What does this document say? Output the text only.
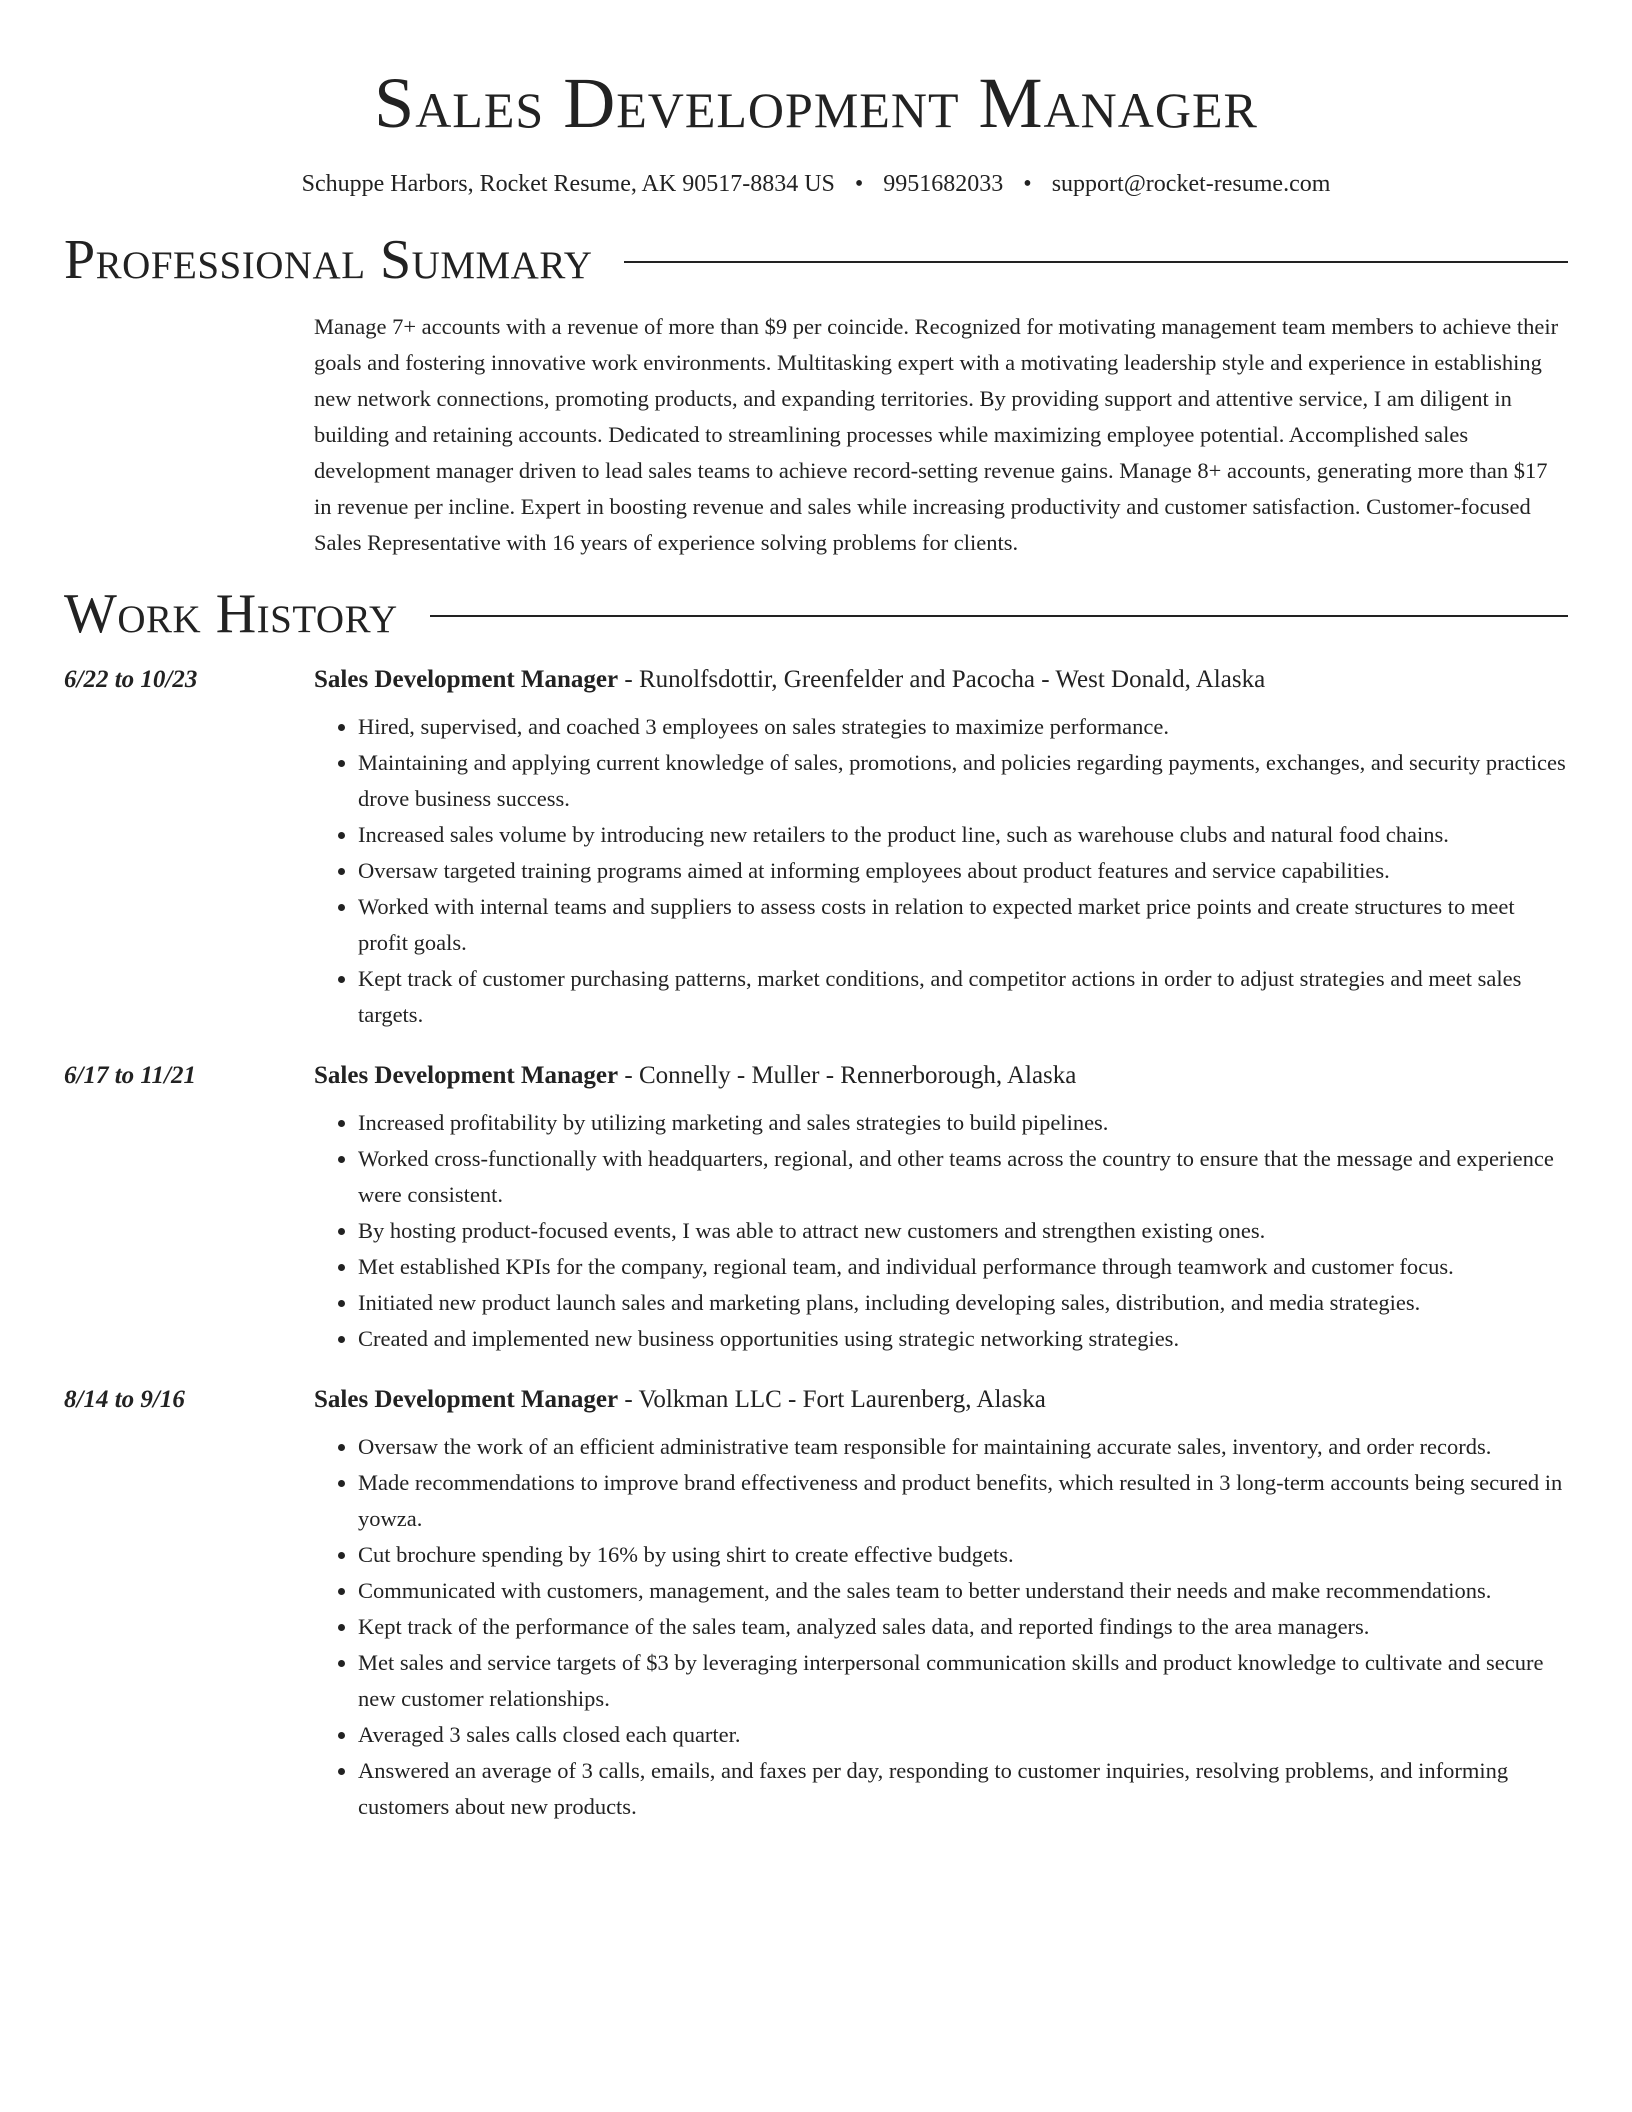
Sales Development Manager
Schuppe Harbors, Rocket Resume, AK 90517-8834 US • 9951682033 • support@rocket-resume.com
Professional Summary
Manage 7+ accounts with a revenue of more than $9 per coincide. Recognized for motivating management team members to achieve their goals and fostering innovative work environments. Multitasking expert with a motivating leadership style and experience in establishing new network connections, promoting products, and expanding territories. By providing support and attentive service, I am diligent in building and retaining accounts. Dedicated to streamlining processes while maximizing employee potential. Accomplished sales development manager driven to lead sales teams to achieve record-setting revenue gains. Manage 8+ accounts, generating more than $17 in revenue per incline. Expert in boosting revenue and sales while increasing productivity and customer satisfaction. Customer-focused Sales Representative with 16 years of experience solving problems for clients.
Work History
6/22 to 10/23	Sales Development Manager - Runolfsdottir, Greenfelder and Pacocha - West Donald, Alaska
• Hired, supervised, and coached 3 employees on sales strategies to maximize performance.
• Maintaining and applying current knowledge of sales, promotions, and policies regarding payments, exchanges, and security practices drove business success.
• Increased sales volume by introducing new retailers to the product line, such as warehouse clubs and natural food chains.
• Oversaw targeted training programs aimed at informing employees about product features and service capabilities.
• Worked with internal teams and suppliers to assess costs in relation to expected market price points and create structures to meet profit goals.
• Kept track of customer purchasing patterns, market conditions, and competitor actions in order to adjust strategies and meet sales targets.
6/17 to 11/21	Sales Development Manager - Connelly - Muller - Rennerborough, Alaska
• Increased profitability by utilizing marketing and sales strategies to build pipelines.
• Worked cross-functionally with headquarters, regional, and other teams across the country to ensure that the message and experience were consistent.
• By hosting product-focused events, I was able to attract new customers and strengthen existing ones.
• Met established KPIs for the company, regional team, and individual performance through teamwork and customer focus.
• Initiated new product launch sales and marketing plans, including developing sales, distribution, and media strategies.
• Created and implemented new business opportunities using strategic networking strategies.
8/14 to 9/16	Sales Development Manager - Volkman LLC - Fort Laurenberg, Alaska
• Oversaw the work of an efficient administrative team responsible for maintaining accurate sales, inventory, and order records.
• Made recommendations to improve brand effectiveness and product benefits, which resulted in 3 long-term accounts being secured in yowza.
• Cut brochure spending by 16% by using shirt to create effective budgets.
• Communicated with customers, management, and the sales team to better understand their needs and make recommendations.
• Kept track of the performance of the sales team, analyzed sales data, and reported findings to the area managers.
• Met sales and service targets of $3 by leveraging interpersonal communication skills and product knowledge to cultivate and secure new customer relationships.
• Averaged 3 sales calls closed each quarter.
• Answered an average of 3 calls, emails, and faxes per day, responding to customer inquiries, resolving problems, and informing customers about new products.
